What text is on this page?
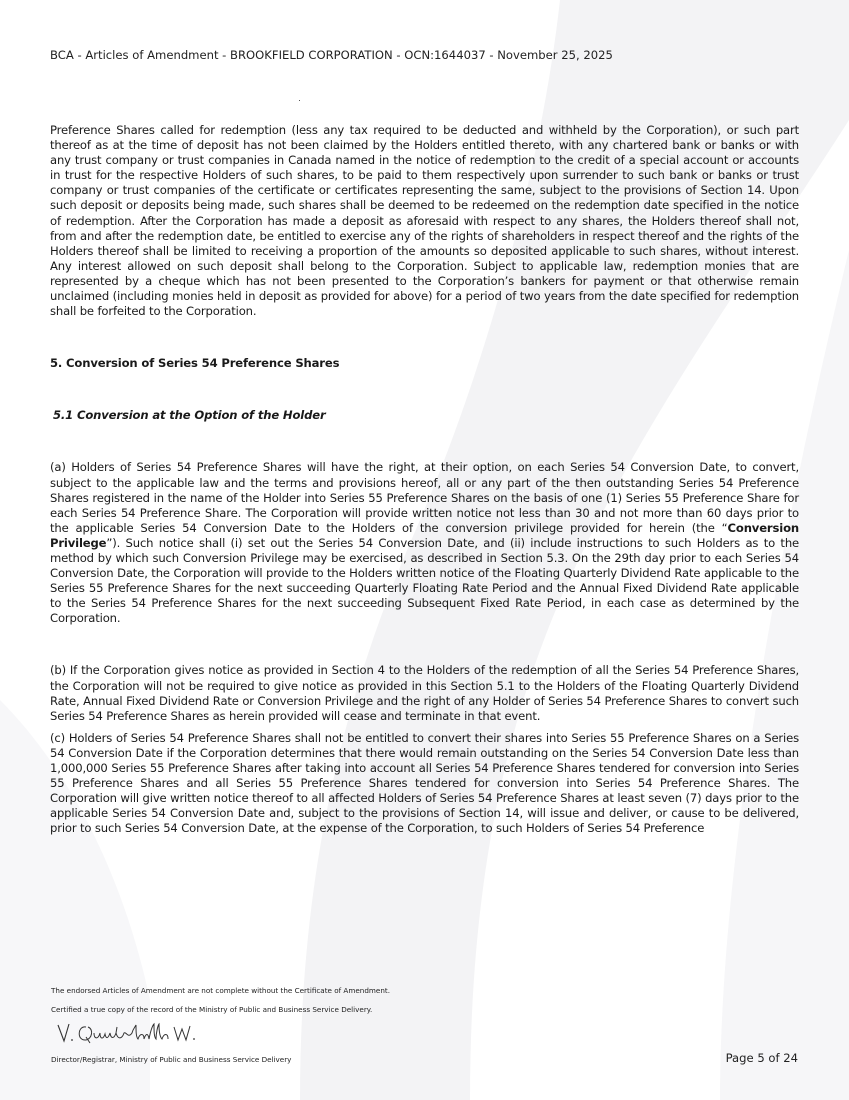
BCA - Articles of Amendment - BROOKFIELD CORPORATION - OCN:1644037 - November 25, 2025

Preference Shares called for redemption (less any tax required to be deducted and withheld by the Corporation), or such part thereof as at the time of deposit has not been claimed by the Holders entitled thereto, with any chartered bank or banks or with any trust company or trust companies in Canada named in the notice of redemption to the credit of a special account or accounts in trust for the respective Holders of such shares, to be paid to them respectively upon surrender to such bank or banks or trust company or trust companies of the certificate or certificates representing the same, subject to the provisions of Section 14. Upon such deposit or deposits being made, such shares shall be deemed to be redeemed on the redemption date specified in the notice of redemption. After the Corporation has made a deposit as aforesaid with respect to any shares, the Holders thereof shall not, from and after the redemption date, be entitled to exercise any of the rights of shareholders in respect thereof and the rights of the Holders thereof shall be limited to receiving a proportion of the amounts so deposited applicable to such shares, without interest. Any interest allowed on such deposit shall belong to the Corporation. Subject to applicable law, redemption monies that are represented by a cheque which has not been presented to the Corporation’s bankers for payment or that otherwise remain unclaimed (including monies held in deposit as provided for above) for a period of two years from the date specified for redemption shall be forfeited to the Corporation.

5. Conversion of Series 54 Preference Shares

5.1 Conversion at the Option of the Holder

(a) Holders of Series 54 Preference Shares will have the right, at their option, on each Series 54 Conversion Date, to convert, subject to the applicable law and the terms and provisions hereof, all or any part of the then outstanding Series 54 Preference Shares registered in the name of the Holder into Series 55 Preference Shares on the basis of one (1) Series 55 Preference Share for each Series 54 Preference Share. The Corporation will provide written notice not less than 30 and not more than 60 days prior to the applicable Series 54 Conversion Date to the Holders of the conversion privilege provided for herein (the “Conversion Privilege”). Such notice shall (i) set out the Series 54 Conversion Date, and (ii) include instructions to such Holders as to the method by which such Conversion Privilege may be exercised, as described in Section 5.3. On the 29th day prior to each Series 54 Conversion Date, the Corporation will provide to the Holders written notice of the Floating Quarterly Dividend Rate applicable to the Series 55 Preference Shares for the next succeeding Quarterly Floating Rate Period and the Annual Fixed Dividend Rate applicable to the Series 54 Preference Shares for the next succeeding Subsequent Fixed Rate Period, in each case as determined by the Corporation.

(b) If the Corporation gives notice as provided in Section 4 to the Holders of the redemption of all the Series 54 Preference Shares, the Corporation will not be required to give notice as provided in this Section 5.1 to the Holders of the Floating Quarterly Dividend Rate, Annual Fixed Dividend Rate or Conversion Privilege and the right of any Holder of Series 54 Preference Shares to convert such Series 54 Preference Shares as herein provided will cease and terminate in that event.

(c) Holders of Series 54 Preference Shares shall not be entitled to convert their shares into Series 55 Preference Shares on a Series 54 Conversion Date if the Corporation determines that there would remain outstanding on the Series 54 Conversion Date less than 1,000,000 Series 55 Preference Shares after taking into account all Series 54 Preference Shares tendered for conversion into Series 55 Preference Shares and all Series 55 Preference Shares tendered for conversion into Series 54 Preference Shares. The Corporation will give written notice thereof to all affected Holders of Series 54 Preference Shares at least seven (7) days prior to the applicable Series 54 Conversion Date and, subject to the provisions of Section 14, will issue and deliver, or cause to be delivered, prior to such Series 54 Conversion Date, at the expense of the Corporation, to such Holders of Series 54 Preference

The endorsed Articles of Amendment are not complete without the Certificate of Amendment.
Certified a true copy of the record of the Ministry of Public and Business Service Delivery.
Director/Registrar, Ministry of Public and Business Service Delivery	Page 5 of 24
